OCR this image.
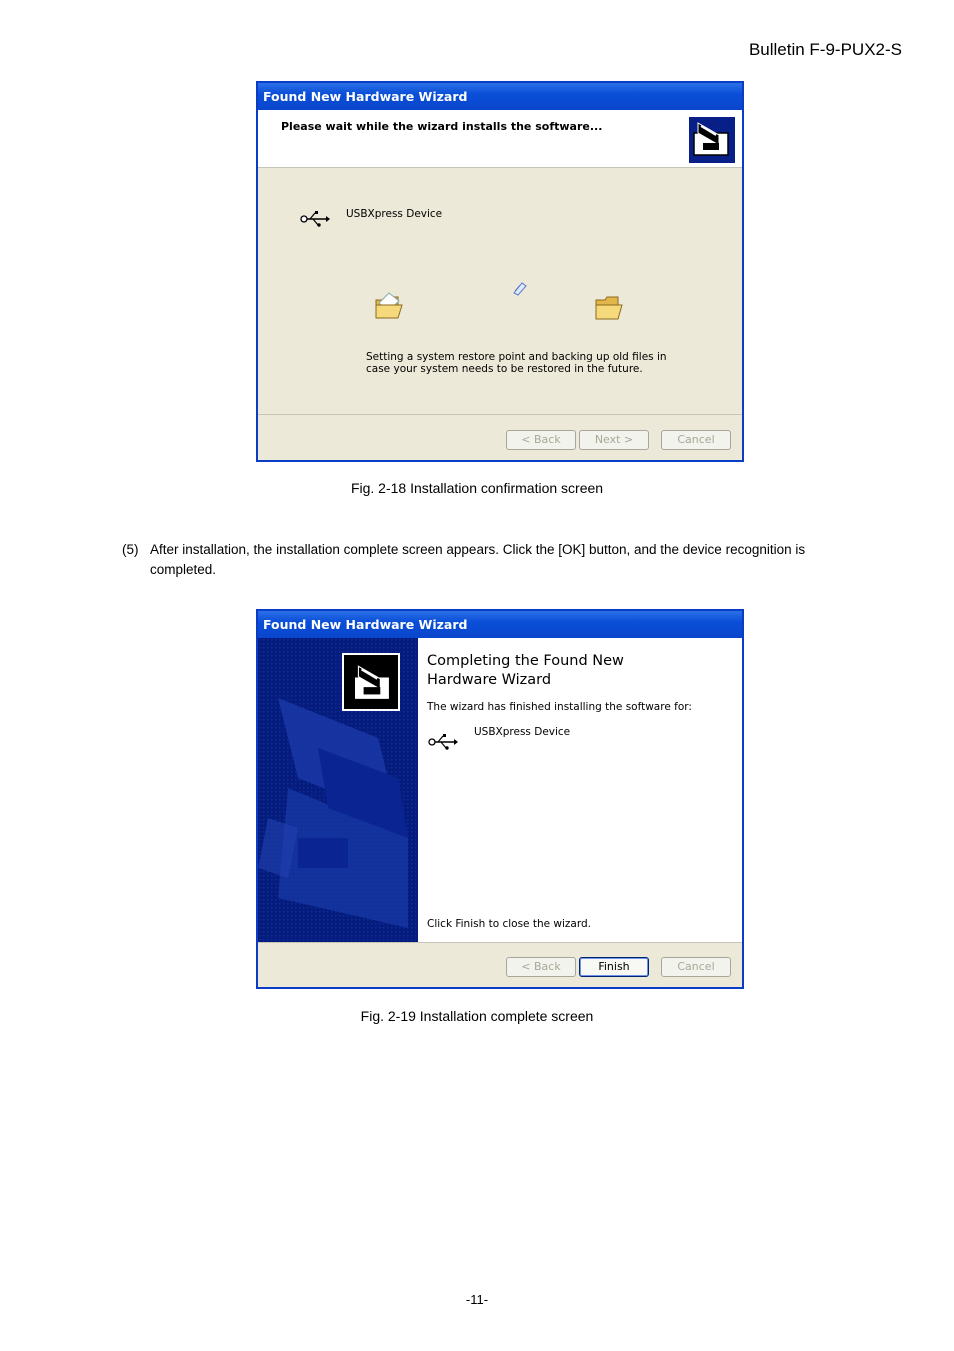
Bulletin F-9-PUX2-S
Found New Hardware Wizard
Please wait while the wizard installs the software...
USBXpress Device
Setting a system restore point and backing up old files in
case your system needs to be restored in the future.
< Back	Next >	Cancel
Fig. 2-18 Installation confirmation screen
(5) After installation, the installation complete screen appears. Click the [OK] button, and the device recognition is completed.
Found New Hardware Wizard
Completing the Found New
Hardware Wizard
The wizard has finished installing the software for:
USBXpress Device
Click Finish to close the wizard.
< Back	Finish	Cancel
Fig. 2-19 Installation complete screen
-11-
